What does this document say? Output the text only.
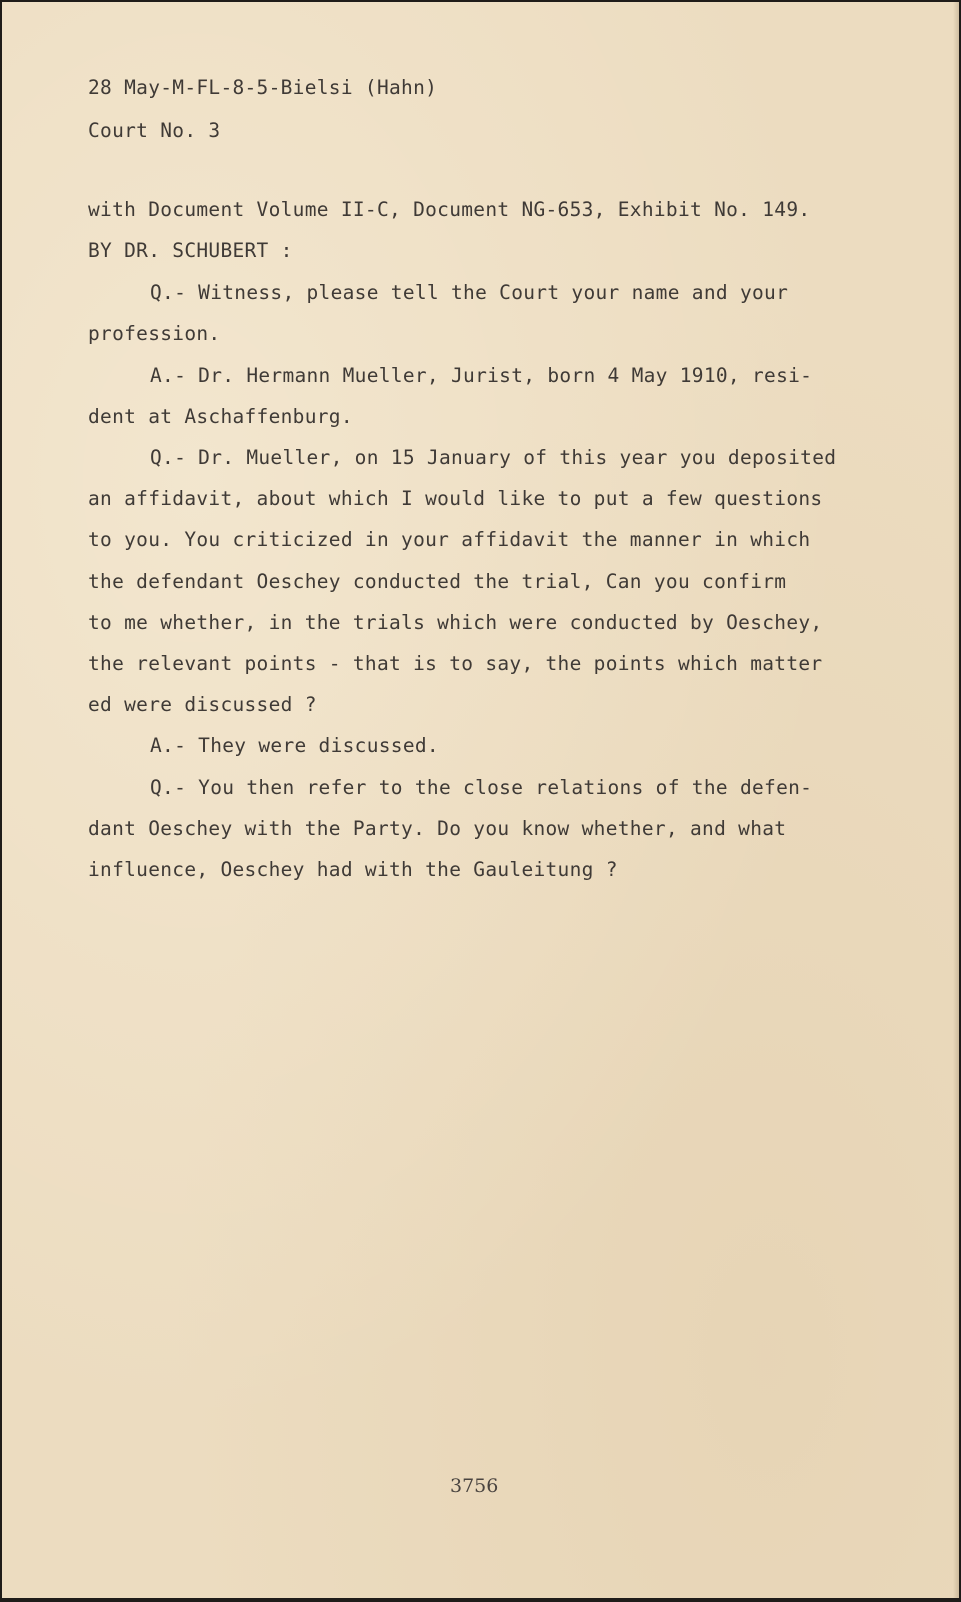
28 May-M-FL-8-5-Bielsi (Hahn)
Court No. 3
with Document Volume II-C, Document NG-653, Exhibit No. 149.
BY DR. SCHUBERT :
Q.- Witness, please tell the Court your name and your
profession.
A.- Dr. Hermann Mueller, Jurist, born 4 May 1910, resi-
dent at Aschaffenburg.
Q.- Dr. Mueller, on 15 January of this year you deposited
an affidavit, about which I would like to put a few questions
to you. You criticized in your affidavit the manner in which
the defendant Oeschey conducted the trial, Can you confirm
to me whether, in the trials which were conducted by Oeschey,
the relevant points - that is to say, the points which matter
ed were discussed ?
A.- They were discussed.
Q.- You then refer to the close relations of the defen-
dant Oeschey with the Party. Do you know whether, and what
influence, Oeschey had with the Gauleitung ?
3756
